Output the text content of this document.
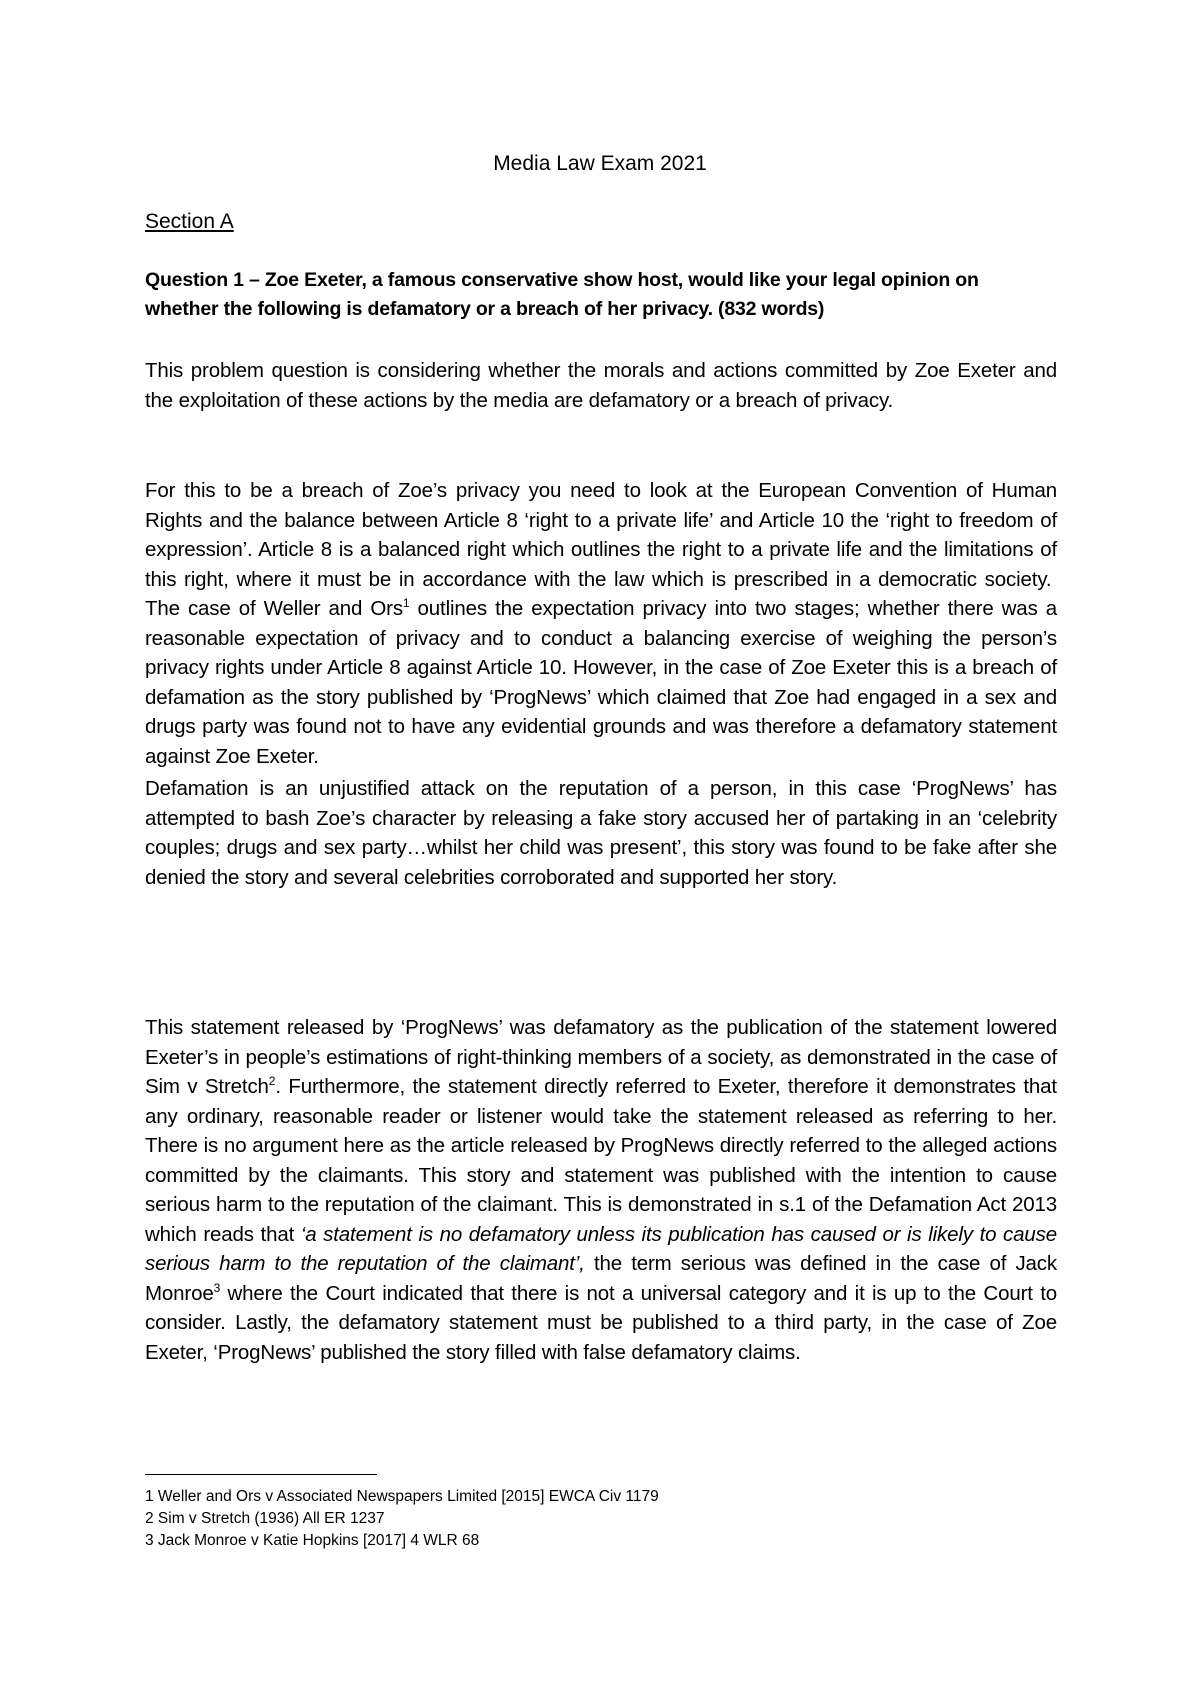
Media Law Exam 2021
Section A
Question 1 – Zoe Exeter, a famous conservative show host, would like your legal opinion on whether the following is defamatory or a breach of her privacy. (832 words)

This problem question is considering whether the morals and actions committed by Zoe Exeter and the exploitation of these actions by the media are defamatory or a breach of privacy.

For this to be a breach of Zoe’s privacy you need to look at the European Convention of Human Rights and the balance between Article 8 ‘right to a private life’ and Article 10 the ‘right to freedom of expression’. Article 8 is a balanced right which outlines the right to a private life and the limitations of this right, where it must be in accordance with the law which is prescribed in a democratic society.  The case of Weller and Ors$^1$ outlines the expectation privacy into two stages; whether there was a reasonable expectation of privacy and to conduct a balancing exercise of weighing the person’s privacy rights under Article 8 against Article 10. However, in the case of Zoe Exeter this is a breach of defamation as the story published by ‘ProgNews’ which claimed that Zoe had engaged in a sex and drugs party was found not to have any evidential grounds and was therefore a defamatory statement against Zoe Exeter.

Defamation is an unjustified attack on the reputation of a person, in this case ‘ProgNews’ has attempted to bash Zoe’s character by releasing a fake story accused her of partaking in an ‘celebrity couples; drugs and sex party…whilst her child was present’, this story was found to be fake after she denied the story and several celebrities corroborated and supported her story.

This statement released by ‘ProgNews’ was defamatory as the publication of the statement lowered Exeter’s in people’s estimations of right-thinking members of a society, as demonstrated in the case of Sim v Stretch$^2$. Furthermore, the statement directly referred to Exeter, therefore it demonstrates that any ordinary, reasonable reader or listener would take the statement released as referring to her. There is no argument here as the article released by ProgNews directly referred to the alleged actions committed by the claimants. This story and statement was published with the intention to cause serious harm to the reputation of the claimant. This is demonstrated in s.1 of the Defamation Act 2013 which reads that ‘a statement is no defamatory unless its publication has caused or is likely to cause serious harm to the reputation of the claimant’, the term serious was defined in the case of Jack Monroe$^3$ where the Court indicated that there is not a universal category and it is up to the Court to consider. Lastly, the defamatory statement must be published to a third party, in the case of Zoe Exeter, ‘ProgNews’ published the story filled with false defamatory claims.

1 Weller and Ors v Associated Newspapers Limited [2015] EWCA Civ 1179
2 Sim v Stretch (1936) All ER 1237
3 Jack Monroe v Katie Hopkins [2017] 4 WLR 68
